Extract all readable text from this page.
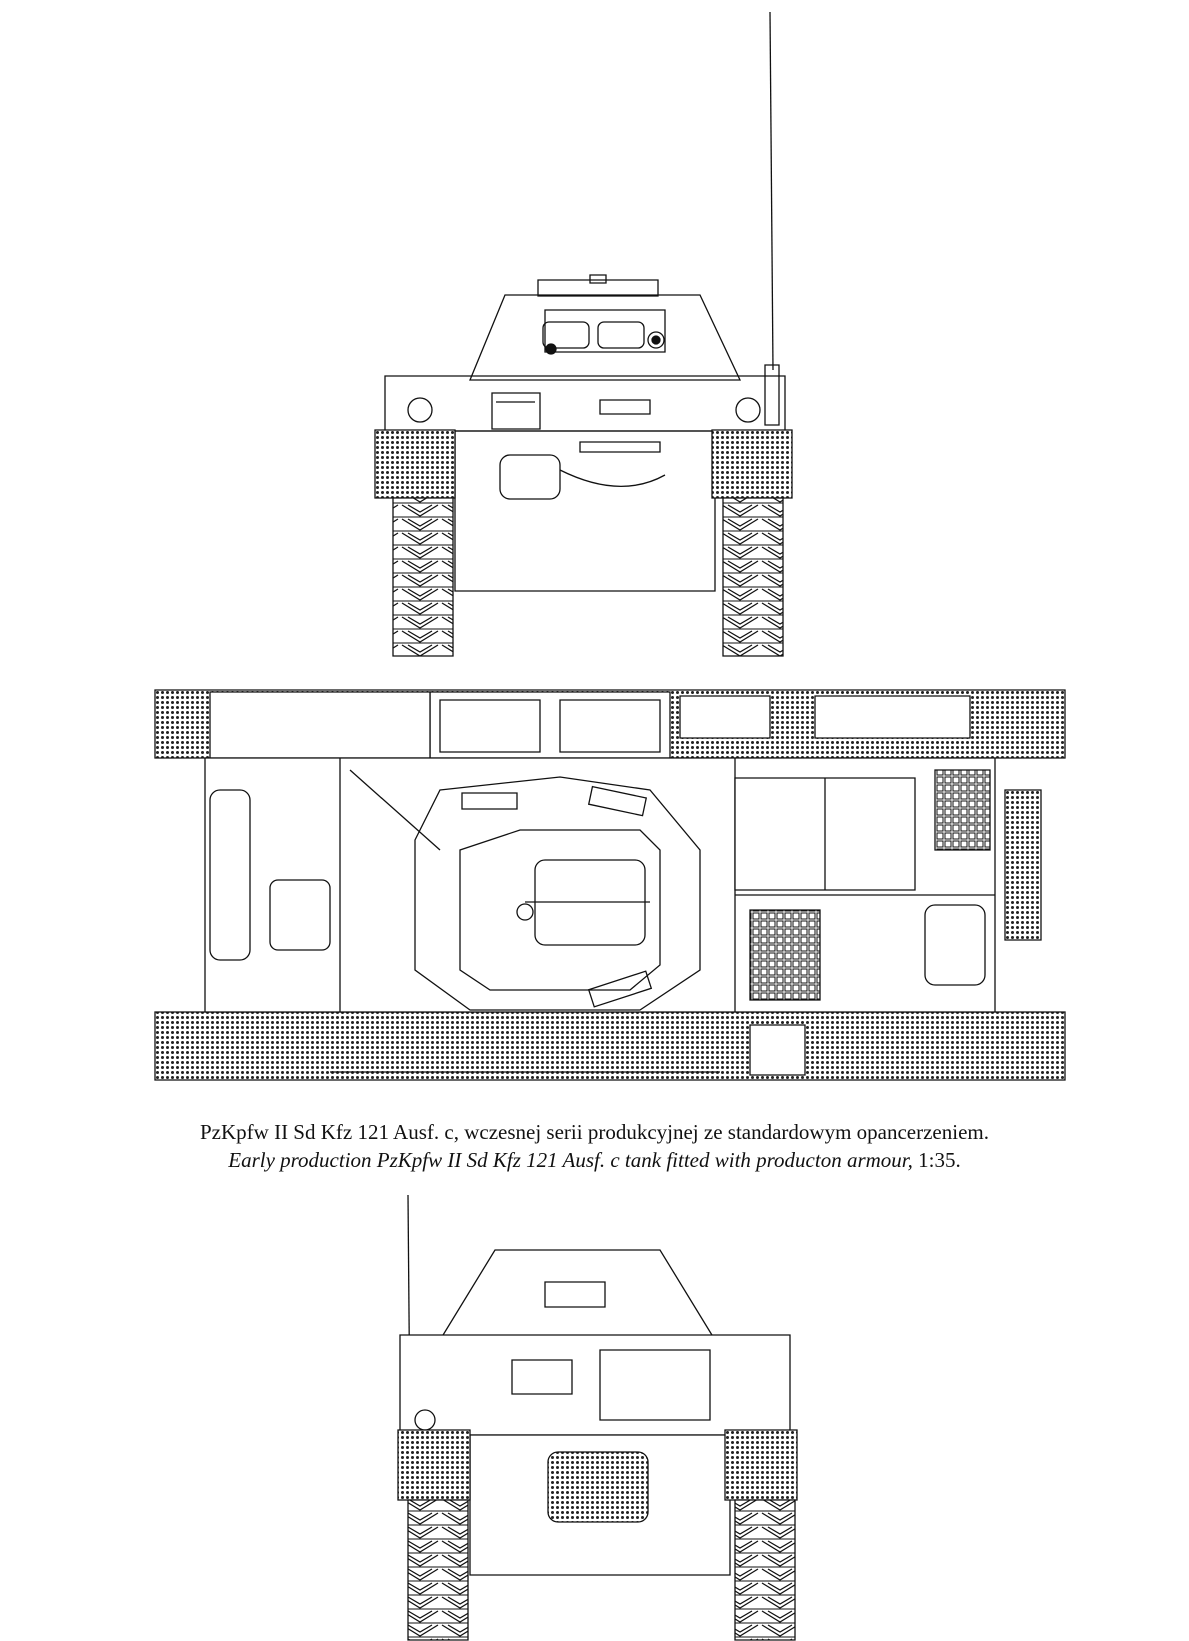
PzKpfw II Sd Kfz 121 Ausf. c, wczesnej serii produkcyjnej ze standardowym opancerzeniem.
Early production PzKpfw II Sd Kfz 121 Ausf. c tank fitted with producton armour, 1:35.
